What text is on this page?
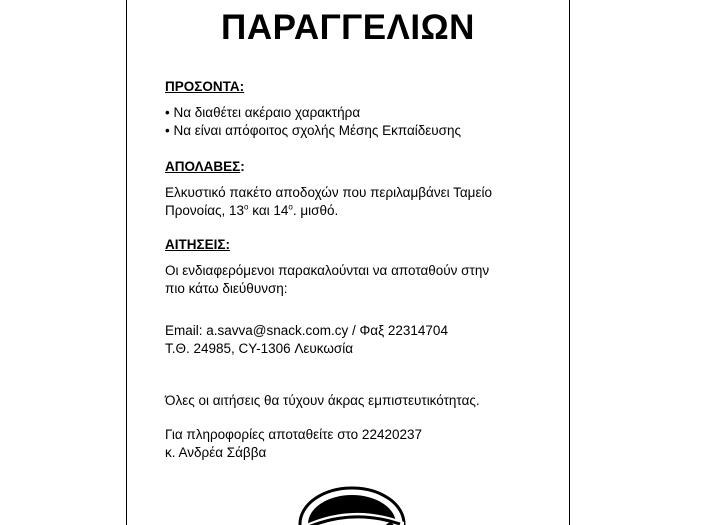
ΠΑΡΑΓΓΕΛΙΩΝ
ΠΡΟΣΟΝΤΑ:
• Να διαθέτει ακέραιο χαρακτήρα
• Να είναι απόφοιτος σχολής Μέσης Εκπαίδευσης
ΑΠΟΛΑΒΕΣ:
Ελκυστικό πακέτο αποδοχών που περιλαμβάνει Ταμείο
Προνοίας, $13^o$ και $14^o$. μισθό.
ΑΙΤΗΣΕΙΣ:
Οι ενδιαφερόμενοι παρακαλούνται να αποταθούν στην
πιο κάτω διεύθυνση:
Email: a.savva@snack.com.cy / Φαξ 22314704
Τ.Θ. 24985, CY-1306 Λευκωσία
Όλες οι αιτήσεις θα τύχουν άκρας εμπιστευτικότητας.
Για πληροφορίες αποταθείτε στο 22420237
κ. Ανδρέα Σάββα
